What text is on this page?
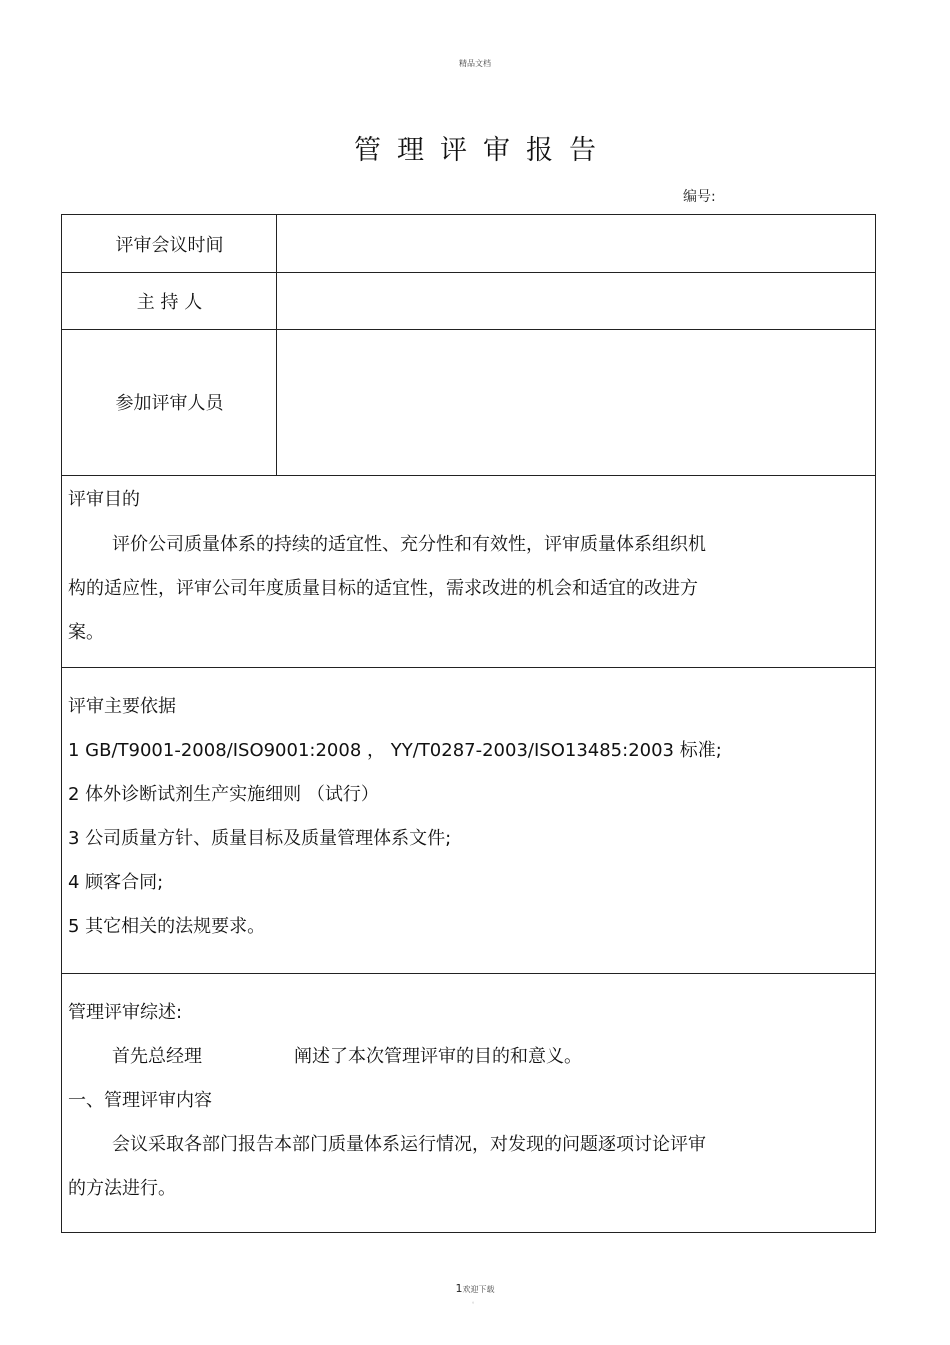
精品文档
管理评审报告
编号:
评审会议时间
主 持 人
参加评审人员
评审目的
评价公司质量体系的持续的适宜性、充分性和有效性，评审质量体系组织机
构的适应性，评审公司年度质量目标的适宜性，需求改进的机会和适宜的改进方
案。
评审主要依据
1 GB/T9001-2008/ISO9001:2008 ， YY/T0287-2003/ISO13485:2003 标准;
2 体外诊断试剂生产实施细则 （试行）
3 公司质量方针、质量目标及质量管理体系文件;
4 顾客合同;
5 其它相关的法规要求。
管理评审综述:
首先总经理	阐述了本次管理评审的目的和意义。
一、管理评审内容
会议采取各部门报告本部门质量体系运行情况，对发现的问题逐项讨论评审
的方法进行。
1欢迎下载
。
